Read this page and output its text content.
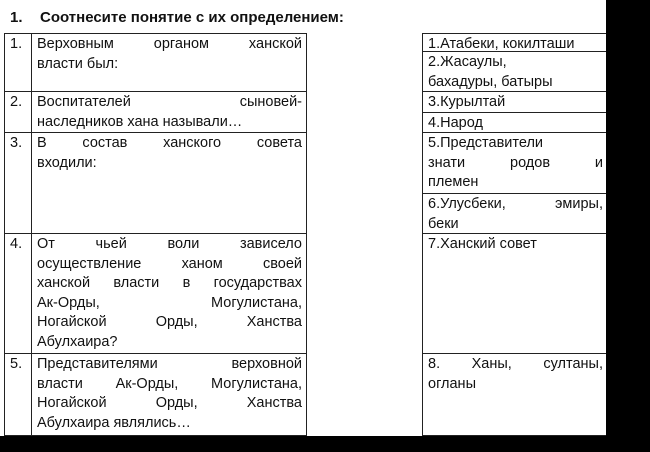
1. Соотнесите понятие с их определением:
1.	Верховным органом ханской
власти был:
2.	Воспитателей сыновей-
наследников хана называли…
3.	В состав ханского совета
входили:
4.	От чьей воли зависело
осуществление ханом своей
ханской власти в государствах
Ак-Орды, Могулистана,
Ногайской Орды, Ханства
Абулхаира?
5.	Представителями верховной
власти Ак-Орды, Могулистана,
Ногайской Орды, Ханства
Абулхаира являлись…
1.Атабеки, кокилташи
2.Жасаулы,
бахадуры, батыры
3.Курылтай
4.Народ
5.Представители
знати родов и
племен
6.Улусбеки, эмиры,
беки
7.Ханский совет
8. Ханы, султаны,
огланы
